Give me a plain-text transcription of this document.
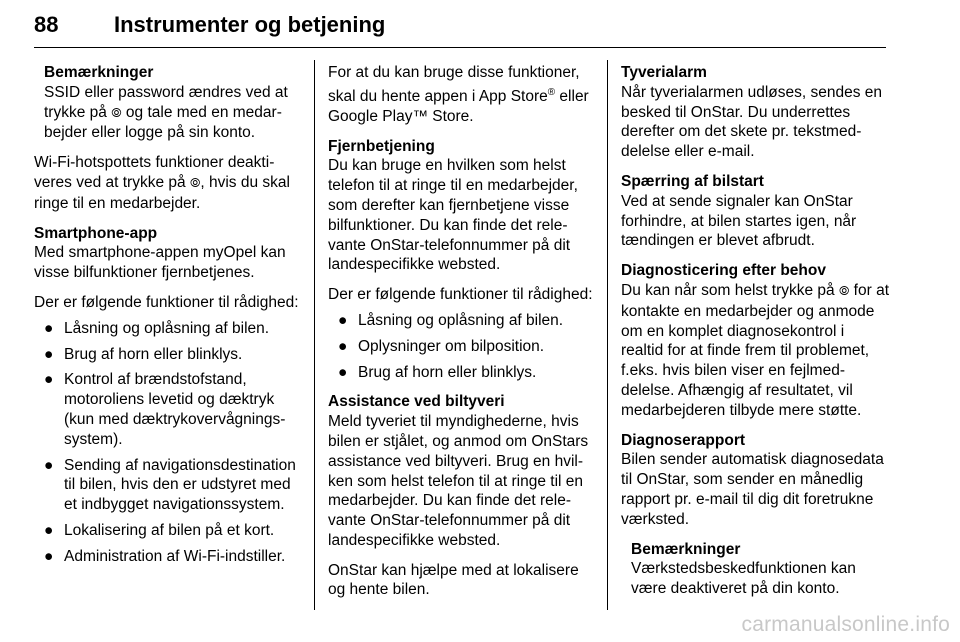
88	Instrumenter og betjening

Bemærkninger

SSID eller password ændres ved at trykke på ⦾ og tale med en medarbejder eller logge på sin konto.

Wi-Fi-hotspottets funktioner deaktiveres ved at trykke på ⦾, hvis du skal ringe til en medarbejder.

Smartphone-app

Med smartphone-appen myOpel kan visse bilfunktioner fjernbetjenes.

Der er følgende funktioner til rådighed:

● Låsning og oplåsning af bilen.
● Brug af horn eller blinklys.
● Kontrol af brændstofstand, motoroliens levetid og dæktryk (kun med dæktrykovervågningssystem).
● Sending af navigationsdestination til bilen, hvis den er udstyret med et indbygget navigationssystem.
● Lokalisering af bilen på et kort.
● Administration af Wi-Fi-indstiller.

For at du kan bruge disse funktioner, skal du hente appen i App Store® eller Google Play™ Store.

Fjernbetjening

Du kan bruge en hvilken som helst telefon til at ringe til en medarbejder, som derefter kan fjernbetjene visse bilfunktioner. Du kan finde det relevante OnStar-telefonnummer på dit landespecifikke websted.

Der er følgende funktioner til rådighed:

● Låsning og oplåsning af bilen.
● Oplysninger om bilposition.
● Brug af horn eller blinklys.

Assistance ved biltyveri

Meld tyveriet til myndighederne, hvis bilen er stjålet, og anmod om OnStars assistance ved biltyveri. Brug en hvilken som helst telefon til at ringe til en medarbejder. Du kan finde det relevante OnStar-telefonnummer på dit landespecifikke websted.

OnStar kan hjælpe med at lokalisere og hente bilen.

Tyverialarm

Når tyverialarmen udløses, sendes en besked til OnStar. Du underrettes derefter om det skete pr. tekstmeddelelse eller e-mail.

Spærring af bilstart

Ved at sende signaler kan OnStar forhindre, at bilen startes igen, når tændingen er blevet afbrudt.

Diagnosticering efter behov

Du kan når som helst trykke på ⦾ for at kontakte en medarbejder og anmode om en komplet diagnosekontrol i realtid for at finde frem til problemet, f.eks. hvis bilen viser en fejlmeddelelse. Afhængig af resultatet, vil medarbejderen tilbyde mere støtte.

Diagnoserapport

Bilen sender automatisk diagnosedata til OnStar, som sender en månedlig rapport pr. e-mail til dig dit foretrukne værksted.

Bemærkninger

Værkstedsbeskedfunktionen kan være deaktiveret på din konto.

carmanualsonline.info
